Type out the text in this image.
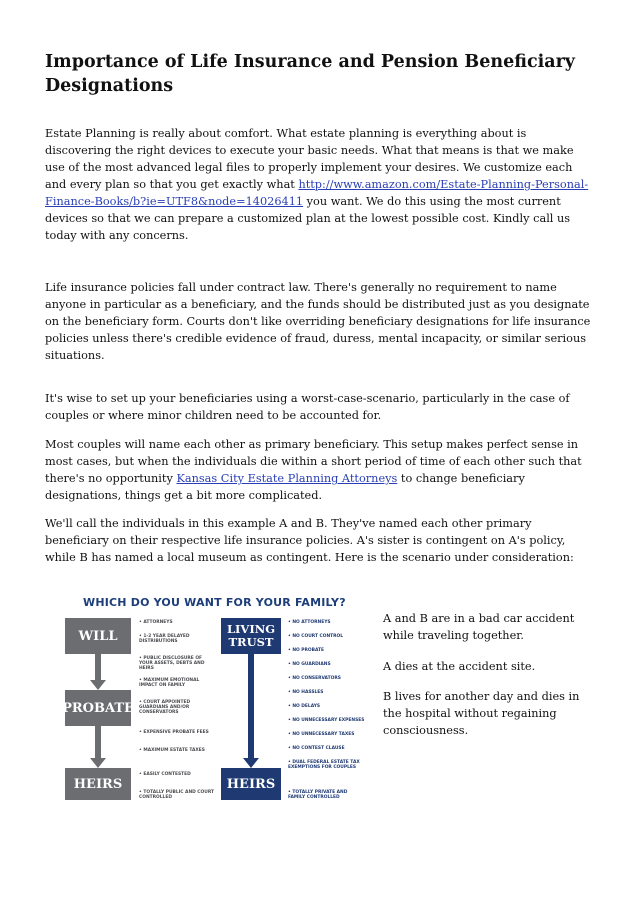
Importance of Life Insurance and Pension Beneficiary Designations

Estate Planning is really about comfort. What estate planning is everything about is discovering the right devices to execute your basic needs. What that means is that we make use of the most advanced legal files to properly implement your desires. We customize each and every plan so that you get exactly what http://www.amazon.com/Estate-Planning-Personal-Finance-Books/b?ie=UTF8&node=14026411 you want. We do this using the most current devices so that we can prepare a customized plan at the lowest possible cost. Kindly call us today with any concerns.

Life insurance policies fall under contract law. There's generally no requirement to name anyone in particular as a beneficiary, and the funds should be distributed just as you designate on the beneficiary form. Courts don't like overriding beneficiary designations for life insurance policies unless there's credible evidence of fraud, duress, mental incapacity, or similar serious situations.

It's wise to set up your beneficiaries using a worst-case-scenario, particularly in the case of couples or where minor children need to be accounted for.

Most couples will name each other as primary beneficiary. This setup makes perfect sense in most cases, but when the individuals die within a short period of time of each other such that there's no opportunity Kansas City Estate Planning Attorneys to change beneficiary designations, things get a bit more complicated.

We'll call the individuals in this example A and B. They've named each other primary beneficiary on their respective life insurance policies. A's sister is contingent on A's policy, while B has named a local museum as contingent. Here is the scenario under consideration:

WHICH DO YOU WANT FOR YOUR FAMILY?
WILL
PROBATE
HEIRS
• ATTORNEYS
• 1-2 YEAR DELAYED DISTRIBUTIONS
• PUBLIC DISCLOSURE OF YOUR ASSETS, DEBTS AND HEIRS
• MAXIMUM EMOTIONAL IMPACT ON FAMILY
• COURT APPOINTED GUARDIANS AND/OR CONSERVATORS
• EXPENSIVE PROBATE FEES
• MAXIMUM ESTATE TAXES
• EASILY CONTESTED
• TOTALLY PUBLIC AND COURT CONTROLLED
LIVING TRUST
HEIRS
• NO ATTORNEYS
• NO COURT CONTROL
• NO PROBATE
• NO GUARDIANS
• NO CONSERVATORS
• NO HASSLES
• NO DELAYS
• NO UNNECESSARY EXPENSES
• NO UNNECESSARY TAXES
• NO CONTEST CLAUSE
• DUAL FEDERAL ESTATE TAX EXEMPTIONS FOR COUPLES
• TOTALLY PRIVATE AND FAMILY CONTROLLED

A and B are in a bad car accident while traveling together.

A dies at the accident site.

B lives for another day and dies in the hospital without regaining consciousness.
